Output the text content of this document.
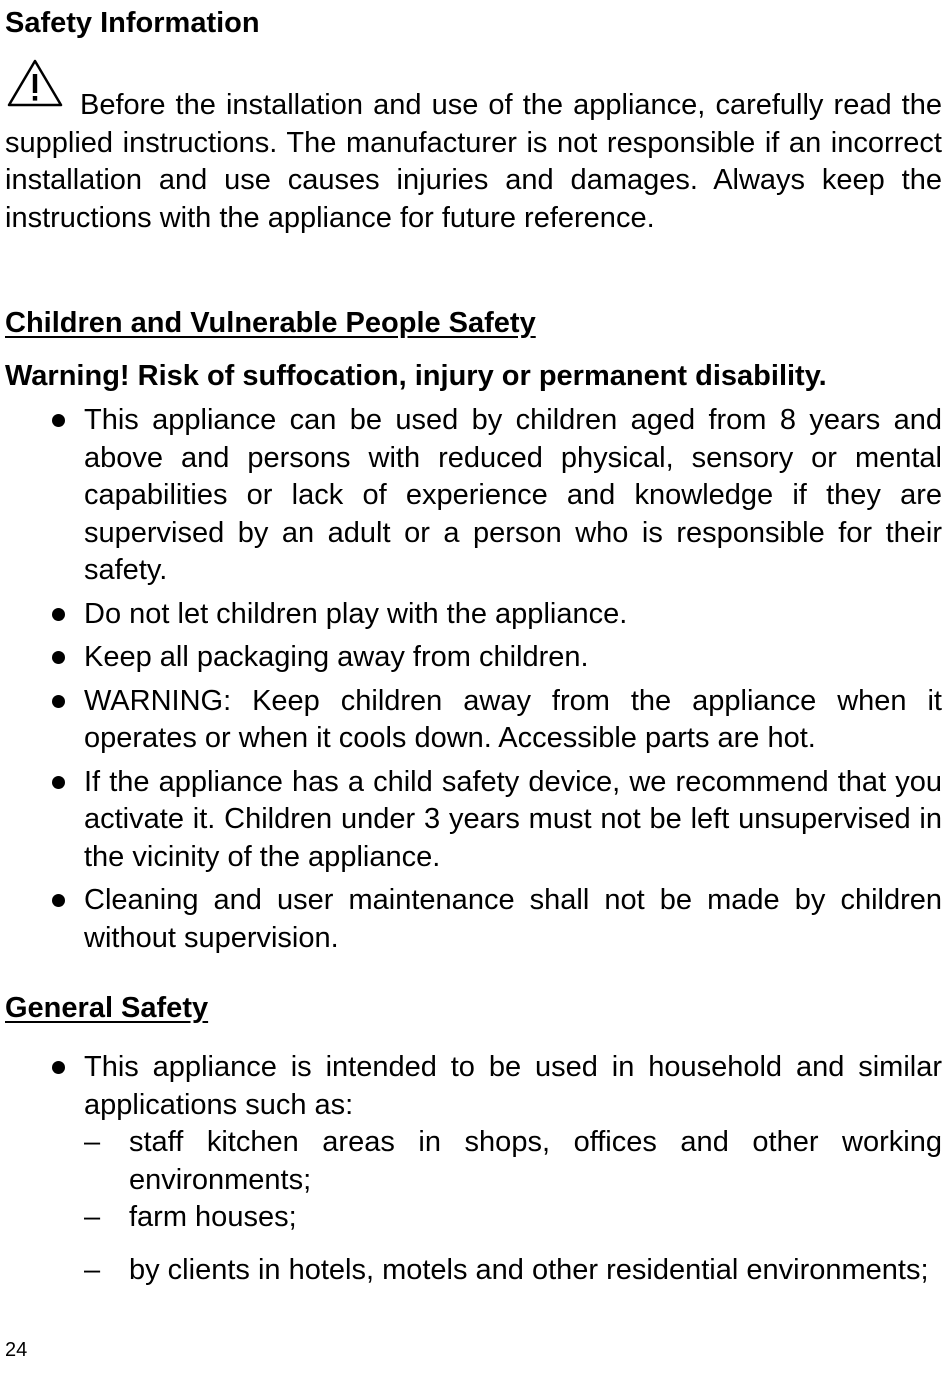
Safety Information

Before the installation and use of the appliance, carefully read the supplied instructions. The manufacturer is not responsible if an incorrect installation and use causes injuries and damages. Always keep the instructions with the appliance for future reference.

Children and Vulnerable People Safety

Warning! Risk of suffocation, injury or permanent disability.

This appliance can be used by children aged from 8 years and above and persons with reduced physical, sensory or mental capabilities or lack of experience and knowledge if they are supervised by an adult or a person who is responsible for their safety.
Do not let children play with the appliance.
Keep all packaging away from children.
WARNING: Keep children away from the appliance when it operates or when it cools down. Accessible parts are hot.
If the appliance has a child safety device, we recommend that you activate it. Children under 3 years must not be left unsupervised in the vicinity of the appliance.
Cleaning and user maintenance shall not be made by children without supervision.
General Safety
This appliance is intended to be used in household and similar applications such as:
– staff kitchen areas in shops, offices and other working environments;
– farm houses;
– by clients in hotels, motels and other residential environments;

24
